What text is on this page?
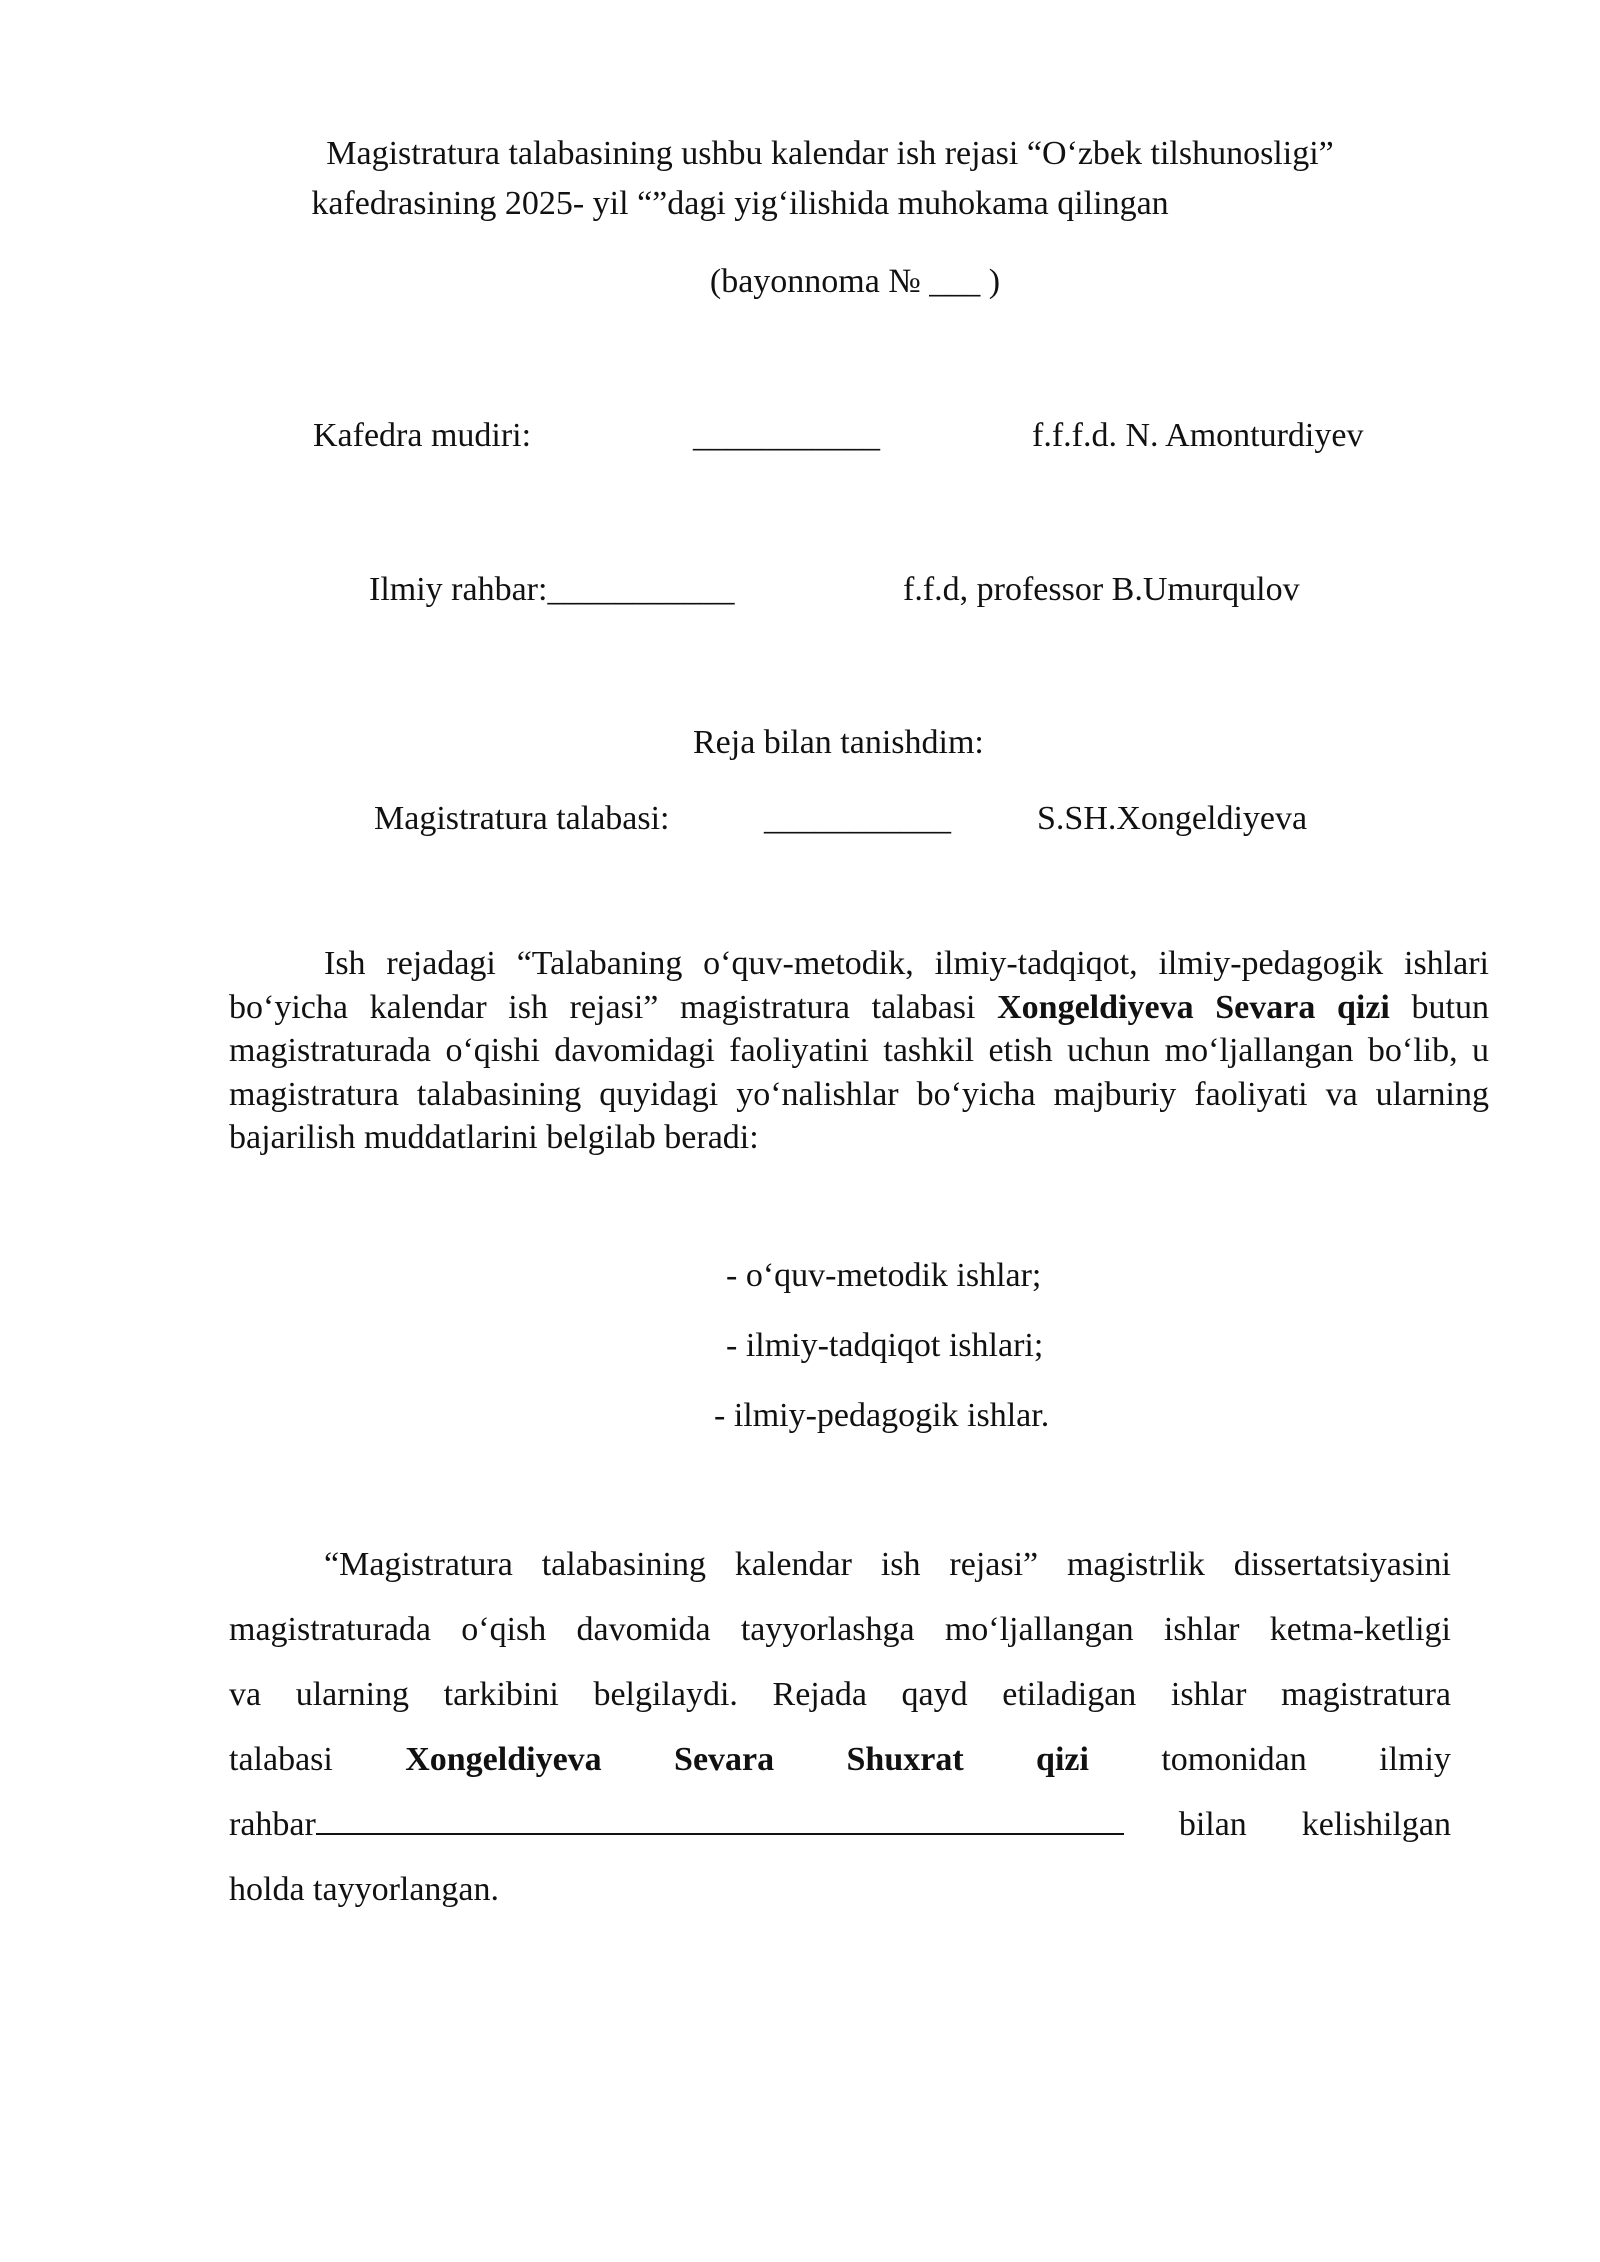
Magistratura talabasining ushbu kalendar ish rejasi “O‘zbek tilshunosligi”
kafedrasining 2025- yil “”dagi yig‘ilishida muhokama qilingan
(bayonnoma № ___ )
Kafedra mudiri:	___________	f.f.f.d. N. Amonturdiyev
Ilmiy rahbar:___________	f.f.d, professor B.Umurqulov
Reja bilan tanishdim:
Magistratura talabasi:	___________	S.SH.Xongeldiyeva

Ish rejadagi “Talabaning o‘quv-metodik, ilmiy-tadqiqot, ilmiy-pedagogik ishlari bo‘yicha kalendar ish rejasi” magistratura talabasi Xongeldiyeva Sevara qizi butun magistraturada o‘qishi davomidagi faoliyatini tashkil etish uchun mo‘ljallangan bo‘lib, u magistratura talabasining quyidagi yo‘nalishlar bo‘yicha majburiy faoliyati va ularning bajarilish muddatlarini belgilab beradi:

- o‘quv-metodik ishlar;
- ilmiy-tadqiqot ishlari;
- ilmiy-pedagogik ishlar.
“Magistratura talabasining kalendar ish rejasi” magistrlik dissertatsiyasini
magistraturada o‘qish davomida tayyorlashga mo‘ljallangan ishlar ketma-ketligi
va ularning tarkibini belgilaydi. Rejada qayd etiladigan ishlar magistratura
talabasi Xongeldiyeva Sevara Shuxrat qizi tomonidan ilmiy
rahbar	bilan kelishilgan
holda tayyorlangan.
